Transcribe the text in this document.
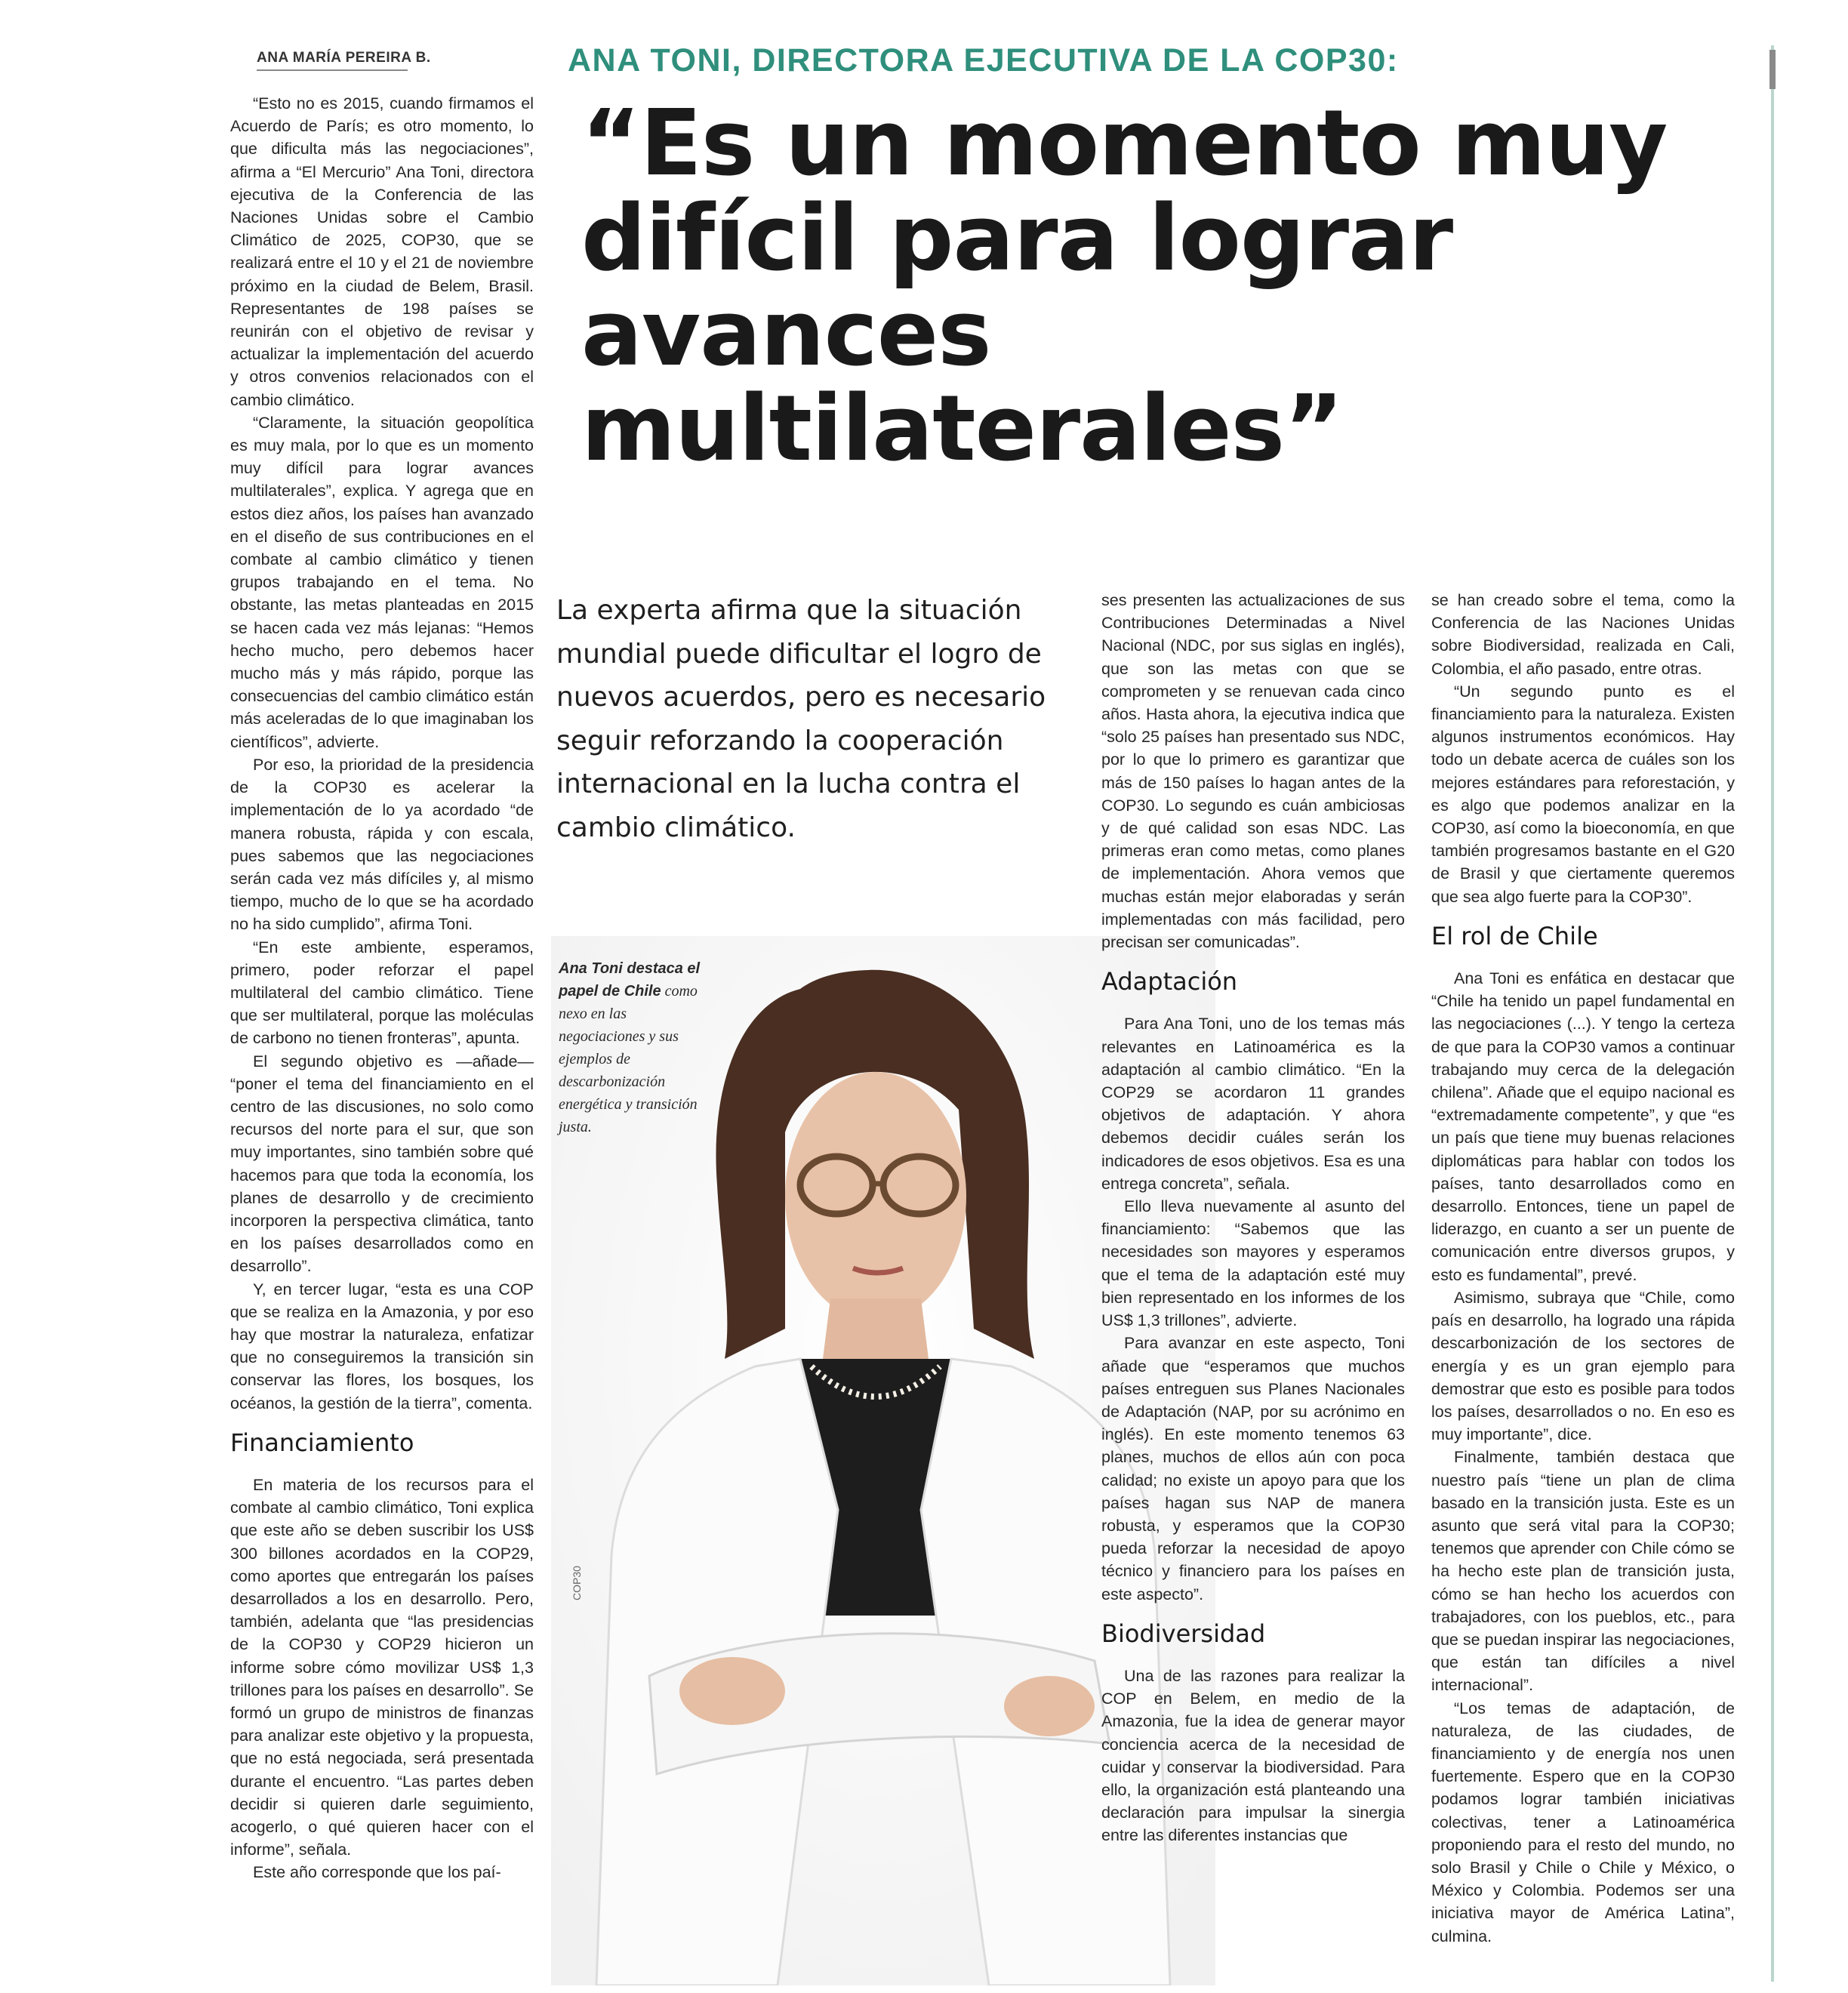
ANA MARÍA PEREIRA B.	ANA TONI, DIRECTORA EJECUTIVA DE LA COP30:
“Es un momento muy
difícil para lograr
avances
multilaterales”

“Esto no es 2015, cuando firmamos el Acuerdo de París; es otro momento, lo que dificulta más las negociaciones”, afirma a “El Mercurio” Ana Toni, directora ejecutiva de la Conferencia de las Naciones Unidas sobre el Cambio Climático de 2025, COP30, que se realizará entre el 10 y el 21 de noviembre próximo en la ciudad de Belem, Brasil. Representantes de 198 países se reunirán con el objetivo de revisar y actualizar la implementación del acuerdo y otros convenios relacionados con el cambio climático.

“Claramente, la situación geopolítica es muy mala, por lo que es un momento muy difícil para lograr avances multilaterales”, explica. Y agrega que en estos diez años, los países han avanzado en el diseño de sus contribuciones en el combate al cambio climático y tienen grupos trabajando en el tema. No obstante, las metas planteadas en 2015 se hacen cada vez más lejanas: “Hemos hecho mucho, pero debemos hacer mucho más y más rápido, porque las consecuencias del cambio climático están más aceleradas de lo que imaginaban los científicos”, advierte.

Por eso, la prioridad de la presidencia de la COP30 es acelerar la implementación de lo ya acordado “de manera robusta, rápida y con escala, pues sabemos que las negociaciones serán cada vez más difíciles y, al mismo tiempo, mucho de lo que se ha acordado no ha sido cumplido”, afirma Toni.

“En este ambiente, esperamos, primero, poder reforzar el papel multilateral del cambio climático. Tiene que ser multilateral, porque las moléculas de carbono no tienen fronteras”, apunta.

El segundo objetivo es —añade— “poner el tema del financiamiento en el centro de las discusiones, no solo como recursos del norte para el sur, que son muy importantes, sino también sobre qué hacemos para que toda la economía, los planes de desarrollo y de crecimiento incorporen la perspectiva climática, tanto en los países desarrollados como en desarrollo”.

Y, en tercer lugar, “esta es una COP que se realiza en la Amazonia, y por eso hay que mostrar la naturaleza, enfatizar que no conseguiremos la transición sin conservar las flores, los bosques, los océanos, la gestión de la tierra”, comenta.

Financiamiento

En materia de los recursos para el combate al cambio climático, Toni explica que este año se deben suscribir los US$ 300 billones acordados en la COP29, como aportes que entregarán los países desarrollados a los en desarrollo. Pero, también, adelanta que “las presidencias de la COP30 y COP29 hicieron un informe sobre cómo movilizar US$ 1,3 trillones para los países en desarrollo”. Se formó un grupo de ministros de finanzas para analizar este objetivo y la propuesta, que no está negociada, será presentada durante el encuentro. “Las partes deben decidir si quieren darle seguimiento, acogerlo, o qué quieren hacer con el informe”, señala.

Este año corresponde que los paí-

La experta afirma que la situación mundial puede dificultar el logro de nuevos acuerdos, pero es necesario seguir reforzando la cooperación internacional en la lucha contra el cambio climático.
Ana Toni destaca el papel de Chile como nexo en las negociaciones y sus ejemplos de descarbonización energética y transición justa.
COP30

ses presenten las actualizaciones de sus Contribuciones Determinadas a Nivel Nacional (NDC, por sus siglas en inglés), que son las metas con que se comprometen y se renuevan cada cinco años. Hasta ahora, la ejecutiva indica que “solo 25 países han presentado sus NDC, por lo que lo primero es garantizar que más de 150 países lo hagan antes de la COP30. Lo segundo es cuán ambiciosas y de qué calidad son esas NDC. Las primeras eran como metas, como planes de implementación. Ahora vemos que muchas están mejor elaboradas y serán implementadas con más facilidad, pero precisan ser comunicadas”.

Adaptación

Para Ana Toni, uno de los temas más relevantes en Latinoamérica es la adaptación al cambio climático. “En la COP29 se acordaron 11 grandes objetivos de adaptación. Y ahora debemos decidir cuáles serán los indicadores de esos objetivos. Esa es una entrega concreta”, señala.

Ello lleva nuevamente al asunto del financiamiento: “Sabemos que las necesidades son mayores y esperamos que el tema de la adaptación esté muy bien representado en los informes de los US$ 1,3 trillones”, advierte.

Para avanzar en este aspecto, Toni añade que “esperamos que muchos países entreguen sus Planes Nacionales de Adaptación (NAP, por su acrónimo en inglés). En este momento tenemos 63 planes, muchos de ellos aún con poca calidad; no existe un apoyo para que los países hagan sus NAP de manera robusta, y esperamos que la COP30 pueda reforzar la necesidad de apoyo técnico y financiero para los países en este aspecto”.

Biodiversidad

Una de las razones para realizar la COP en Belem, en medio de la Amazonia, fue la idea de generar mayor conciencia acerca de la necesidad de cuidar y conservar la biodiversidad. Para ello, la organización está planteando una declaración para impulsar la sinergia entre las diferentes instancias que

se han creado sobre el tema, como la Conferencia de las Naciones Unidas sobre Biodiversidad, realizada en Cali, Colombia, el año pasado, entre otras.

“Un segundo punto es el financiamiento para la naturaleza. Existen algunos instrumentos económicos. Hay todo un debate acerca de cuáles son los mejores estándares para reforestación, y es algo que podemos analizar en la COP30, así como la bioeconomía, en que también progresamos bastante en el G20 de Brasil y que ciertamente queremos que sea algo fuerte para la COP30”.

El rol de Chile

Ana Toni es enfática en destacar que “Chile ha tenido un papel fundamental en las negociaciones (...). Y tengo la certeza de que para la COP30 vamos a continuar trabajando muy cerca de la delegación chilena”. Añade que el equipo nacional es “extremadamente competente”, y que “es un país que tiene muy buenas relaciones diplomáticas para hablar con todos los países, tanto desarrollados como en desarrollo. Entonces, tiene un papel de liderazgo, en cuanto a ser un puente de comunicación entre diversos grupos, y esto es fundamental”, prevé.

Asimismo, subraya que “Chile, como país en desarrollo, ha logrado una rápida descarbonización de los sectores de energía y es un gran ejemplo para demostrar que esto es posible para todos los países, desarrollados o no. En eso es muy importante”, dice.

Finalmente, también destaca que nuestro país “tiene un plan de clima basado en la transición justa. Este es un asunto que será vital para la COP30; tenemos que aprender con Chile cómo se ha hecho este plan de transición justa, cómo se han hecho los acuerdos con trabajadores, con los pueblos, etc., para que se puedan inspirar las negociaciones, que están tan difíciles a nivel internacional”.

“Los temas de adaptación, de naturaleza, de las ciudades, de financiamiento y de energía nos unen fuertemente. Espero que en la COP30 podamos lograr también iniciativas colectivas, tener a Latinoamérica proponiendo para el resto del mundo, no solo Brasil y Chile o Chile y México, o México y Colombia. Podemos ser una iniciativa mayor de América Latina”, culmina.
